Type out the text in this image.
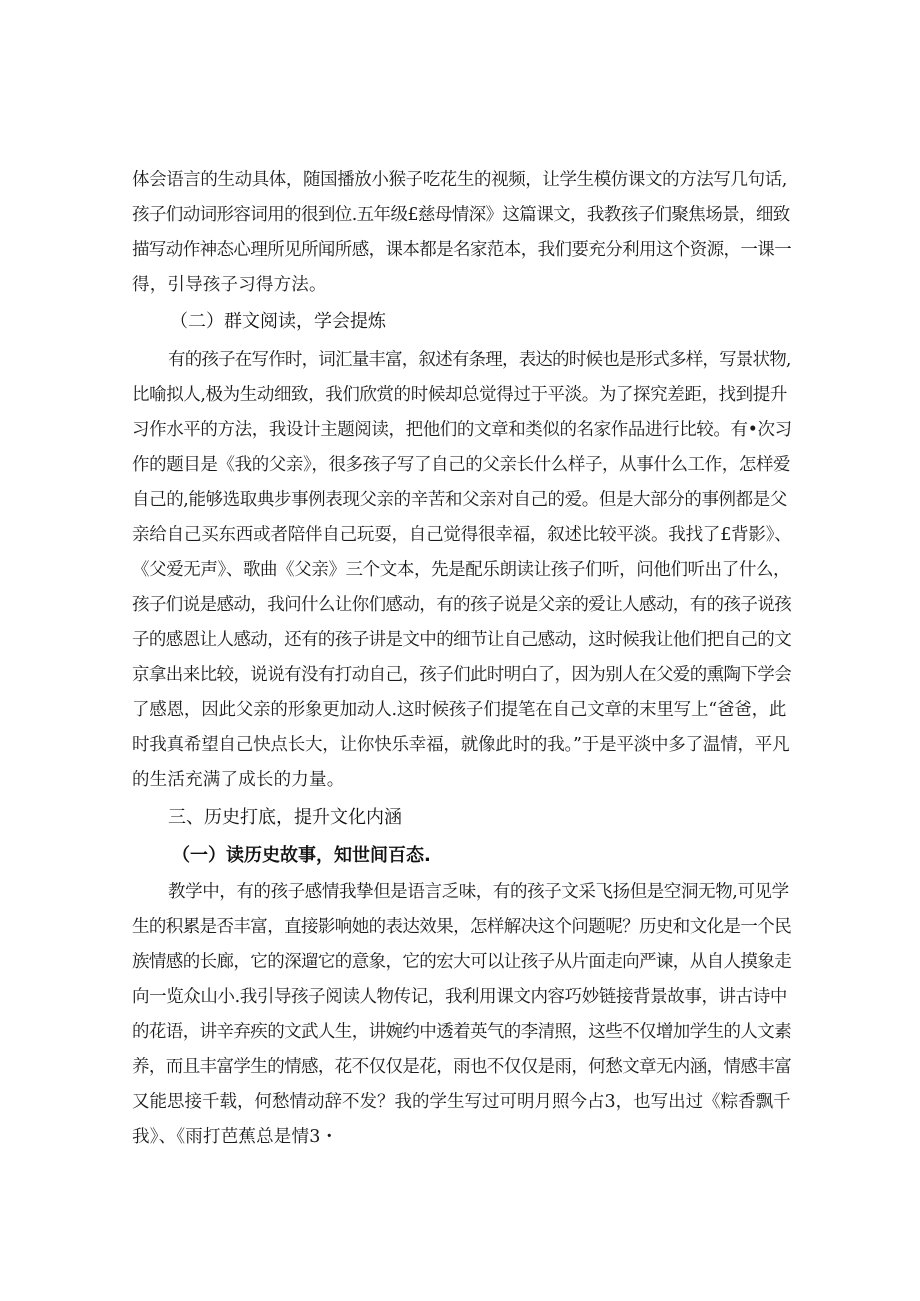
体会语言的生动具体，随国播放小猴子吃花生的视频，让学生模仿课文的方法写几句话,
孩子们动词形容词用的很到位.五年级£慈母情深》这篇课文，我教孩子们聚焦场景，细致
描写动作神态心理所见所闻所感，课本都是名家范本，我们要充分利用这个资源，一课一
得，引导孩子习得方法。
（二）群文阅读，学会提炼
有的孩子在写作时，词汇量丰富，叙述有条理，表达的时候也是形式多样，写景状物,
比喻拟人,极为生动细致，我们欣赏的时候却总觉得过于平淡。为了探究差距，找到提升
习作水平的方法，我设计主题阅读，把他们的文章和类似的名家作品进行比较。有•次习
作的题目是《我的父亲》，很多孩子写了自己的父亲长什么样子，从事什么工作，怎样爱
自己的,能够选取典步事例表现父亲的辛苦和父亲对自己的爱。但是大部分的事例都是父
亲给自己买东西或者陪伴自己玩耍，自己觉得很幸福，叙述比较平淡。我找了£背影》、
《父爱无声》、歌曲《父亲》三个文本，先是配乐朗读让孩子们听，问他们听出了什么，
孩子们说是感动，我问什么让你们感动，有的孩子说是父亲的爱让人感动，有的孩子说孩
子的感恩让人感动，还有的孩子讲是文中的细节让自己感动，这时候我让他们把自己的文
京拿出来比较，说说有没有打动自己，孩子们此时明白了，因为别人在父爱的熏陶下学会
了感恩，因此父亲的形象更加动人.这时候孩子们提笔在自己文章的末里写上“爸爸，此
时我真希望自己快点长大，让你快乐幸福，就像此时的我。”于是平淡中多了温情，平凡
的生活充满了成长的力量。
三、历史打底，提升文化内涵
（一）读历史故事，知世间百态.
教学中，有的孩子感情我挚但是语言乏味，有的孩子文采飞扬但是空洞无物,可见学
生的积累是否丰富，直接影响她的表达效果，怎样解决这个问题呢？历史和文化是一个民
族情感的长廊，它的深遛它的意象，它的宏大可以让孩子从片面走向严谏，从自人摸象走
向一览众山小.我引导孩子阅读人物传记，我利用课文内容巧妙链接背景故事，讲古诗中
的花语，讲辛弃疾的文武人生，讲婉约中透着英气的李清照，这些不仅增加学生的人文素
养，而且丰富学生的情感，花不仅仅是花，雨也不仅仅是雨，何愁文章无内涵，情感丰富
又能思接千载，何愁情动辞不发？我的学生写过可明月照今占3，也写出过《粽香飘千
我》、《雨打芭蕉总是情3・
